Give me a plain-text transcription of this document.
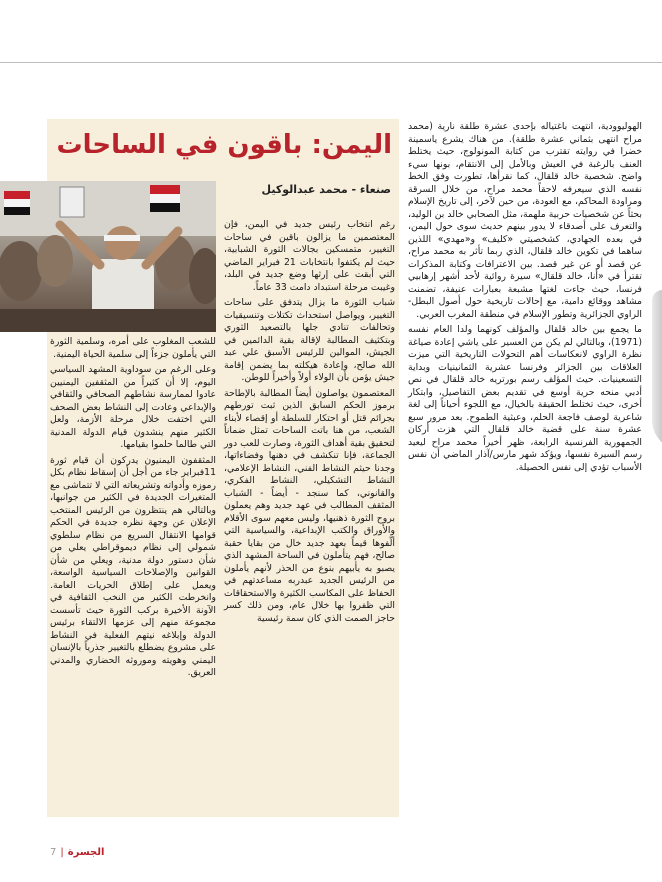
الهوليوودية، انتهت باغتياله بإحدى عشرة طلقة نارية (محمد مراح انتهى بثماني عشرة طلقة). من هناك يشرع ياسمينة خضرا في روايته تقترب من كتابة المونولوج، حيث يختلط العنف بالرغبة في العيش وبالأمل إلى الانتقام، بونها سيء واضح. شخصية خالد قلقال، كما نقرأها، تطورت وفق الخط نفسه الذي سيعرفه لاحقاً محمد مراح، من خلال السرقة ومراودة المحاكم، مع العودة، من حين لآخر، إلى تاريخ الإسلام بحثاً عن شخصيات حربية ملهمة، مثل الصحابي خالد بن الوليد، والتعرف على أصدقاء لا يدور بينهم حديث سوى حول اليمن، في بعده الجهادي، كشخصيتي «كليف» و«مهدي» اللذين ساهما في تكوين خالد قلقال، الذي ربما تأثر به محمد مراح، عن قصد أو عن غير قصد. بين الاعترافات وكتابة المذكرات تقترأ في «أنا، خالد قلقال» سيرة روائية لأحد أشهر إرهابيي فرنسا، حيث جاءت لغتها مشبعة بعبارات عنيفة، تضمنت مشاهد ووقائع دامية، مع إحالات تاريخية حول أصول البطل-الراوي الجزائرية وتطور الإسلام في منطقة المغرب العربي.

ما يجمع بين خالد قلقال والمؤلف كونهما ولدا العام نفسه (1971)، وبالتالي لم يكن من العسير على ياشي إعادة صياغة نظرة الراوي لانعكاسات أهم التحولات التاريخية التي ميزت العلاقات بين الجزائر وفرنسا عشرية الثمانينيات وبداية التسعينيات. حيث المؤلف رسم بورتريه خالد قلقال في نص أدبي منحه حرية أوسع في تقديم بعض التفاصيل، وابتكار أخرى، حيث تختلط الحقيقة بالخيال، مع اللجوء أحياناً إلى لغة شاعرية لوصف فاجعة الحلم، وعبثية الطموح. بعد مرور سبع عشرة سنة على قضية خالد قلقال التي هزت أركان الجمهورية الفرنسية الرابعة، ظهر أخيراً محمد مراح ليعيد رسم السيرة نفسها، ويؤكد شهر مارس/آذار الماضي أن نفس الأسباب تؤدي إلى نفس الحصيلة.

اليمن: باقون في الساحات
صنعاء - محمد عبدالوكيل

رغم انتخاب رئيس جديد في اليمن، فإن المعتصمين ما يزالون باقين في ساحات التغيير، متمسكين بجالات الثورة الشبابية، حيث لم يكتفوا بانتخابات 21 فبراير الماضي التي أبقت على إرثها وضع جديد في البلد، وغيبت مرحلة استبداد دامت 33 عاماً.

شباب الثورة ما يزال يتدفق على ساحات التغيير، ويواصل استحداث تكتلات وتنسيقيات وتحالفات تنادي جلها بالتصعيد الثوري وبتكثيف المطالبة لإقالة بقية الدائمين في الجيش، الموالين للرئيس الأسبق علي عبد الله صالح، وإعادة هيكلته بما يضمن إقامة جيش يؤمن بأن الولاء أولاً وأخيراً للوطن.

المعتصمون يواصلون أيضاً المطالبة بالإطاحة برموز الحكم السابق الذين ثبت تورطهم بجرائم قتل أو احتكار للسلطة أو إقصاء لأبناء الشعب، من هنا باتت الساحات تمثل ضماناً لتحقيق بقية أهداف الثورة، وصارت للعب دور الجماعة، فإنا تنكشف في دهنها وفضاءاتها، وجدنا حيثم النشاط الفني، النشاط الإعلامي، النشاط التشكيلي، النشاط الفكري، والقانوني، كما سنجد - أيضاً - الشباب المثقف المطالب في عهد جديد وهم يعملون بروح الثورة ذهنيها، وليس معهم سوى الأقلام والأوراق والكتب الإبداعية، والسياسية التي ألّفوها قيماً بعهد جديد خال من بقايا حقبة صالح، فهم يتأملون في الساحة المشهد الذي يصبو به يأبيهم بنوع من الحذر لأنهم يأملون من الرئيس الجديد عبدربه مساعدتهم في الحفاظ على المكاسب الكثيرة والاستحقاقات التي ظفروا بها خلال عام، ومن ذلك كسر حاجز الصمت الذي كان سمة رئيسية

للشعب المغلوب على أمره، وسلمية الثورة التي يأملون جزءاً إلى سلمية الحياة اليمنية.

وعلى الرغم من سوداوية المشهد السياسي اليوم، إلا أن كثيراً من المثقفين اليمنيين عادوا لممارسة نشاطهم الصحافي والثقافي والإبداعي وعادت إلى النشاط بعض الصحف التي اختفت خلال مرحلة الأزمة، ولعل الكثير منهم ينشدون قيام الدولة المدنية التي طالما حلموا بقيامها.

المثقفون اليمنيون يدركون أن قيام ثورة 11فبراير جاء من أجل أن إسقاط نظام بكل رموزه وأدواته وتشريعاته التي لا تتماشى مع المتغيرات الجديدة في الكثير من جوانبها، وبالتالي هم ينتظرون من الرئيس المنتخب الإعلان عن وجهة نظره جديدة في الحكم قوامها الانتقال السريع من نظام سلطوي شمولي إلى نظام ديموقراطي يعلي من شأن دستور دولة مدنية، ويعلي من شأن القوانين والإصلاحات السياسية الواسعة، ويعمل على إطلاق الحريات العامة. وانخرطت الكثير من النخب الثقافية في الآونة الأخيرة بركب الثورة حيث تأسست مجموعة منهم إلى عزمها الالتقاء برئيس الدولة وإبلاغه نيتهم الفعلية في النشاط على مشروع يضطلع بالتغيير جذرياً بالإنسان اليمني وهويته وموروثه الحضاري والمدني العريق.

7 | الجسرة
